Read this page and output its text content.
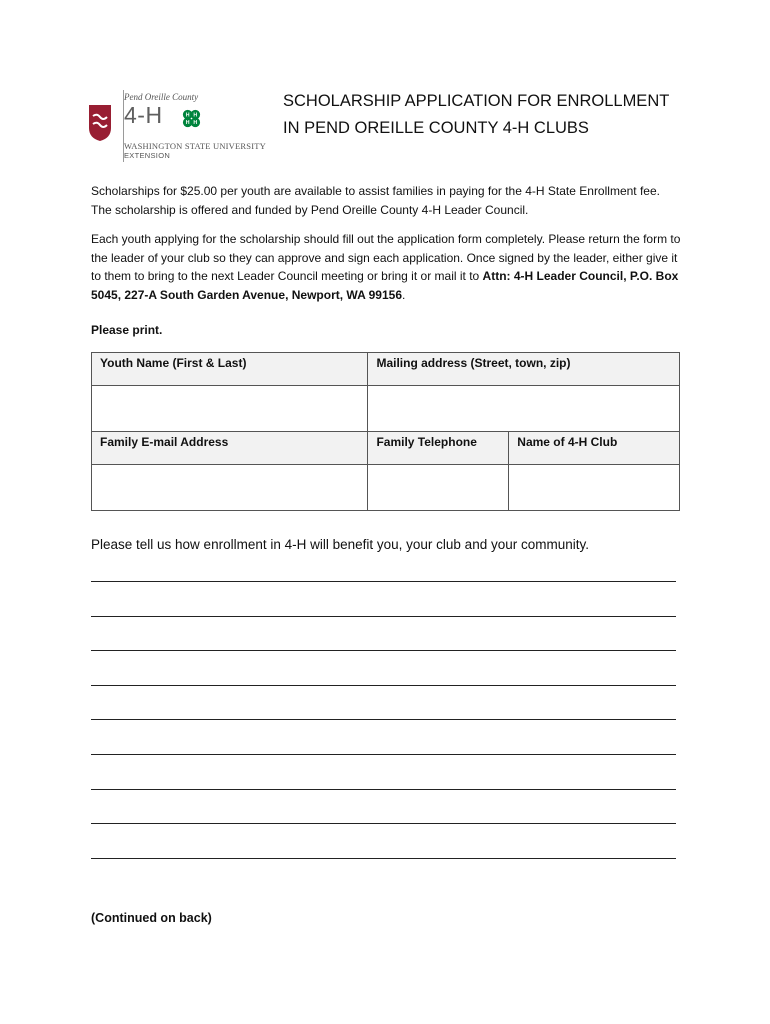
Pend Oreille County
4-H	H H
H H
WASHINGTON STATE UNIVERSITY
EXTENSION
SCHOLARSHIP APPLICATION FOR ENROLLMENT
IN PEND OREILLE COUNTY 4-H CLUBS

Scholarships for $25.00 per youth are available to assist families in paying for the 4-H State Enrollment fee. The scholarship is offered and funded by Pend Oreille County 4-H Leader Council.

Each youth applying for the scholarship should fill out the application form completely. Please return the form to the leader of your club so they can approve and sign each application. Once signed by the leader, either give it to them to bring to the next Leader Council meeting or bring it or mail it to Attn: 4-H Leader Council, P.O. Box 5045, 227-A South Garden Avenue, Newport, WA 99156.

Please print.
Youth Name (First & Last)	Mailing address (Street, town, zip)	

Family E-mail Address	Family Telephone	Name of 4-H Club

Please tell us how enrollment in 4-H will benefit you, your club and your community.
(Continued on back)
